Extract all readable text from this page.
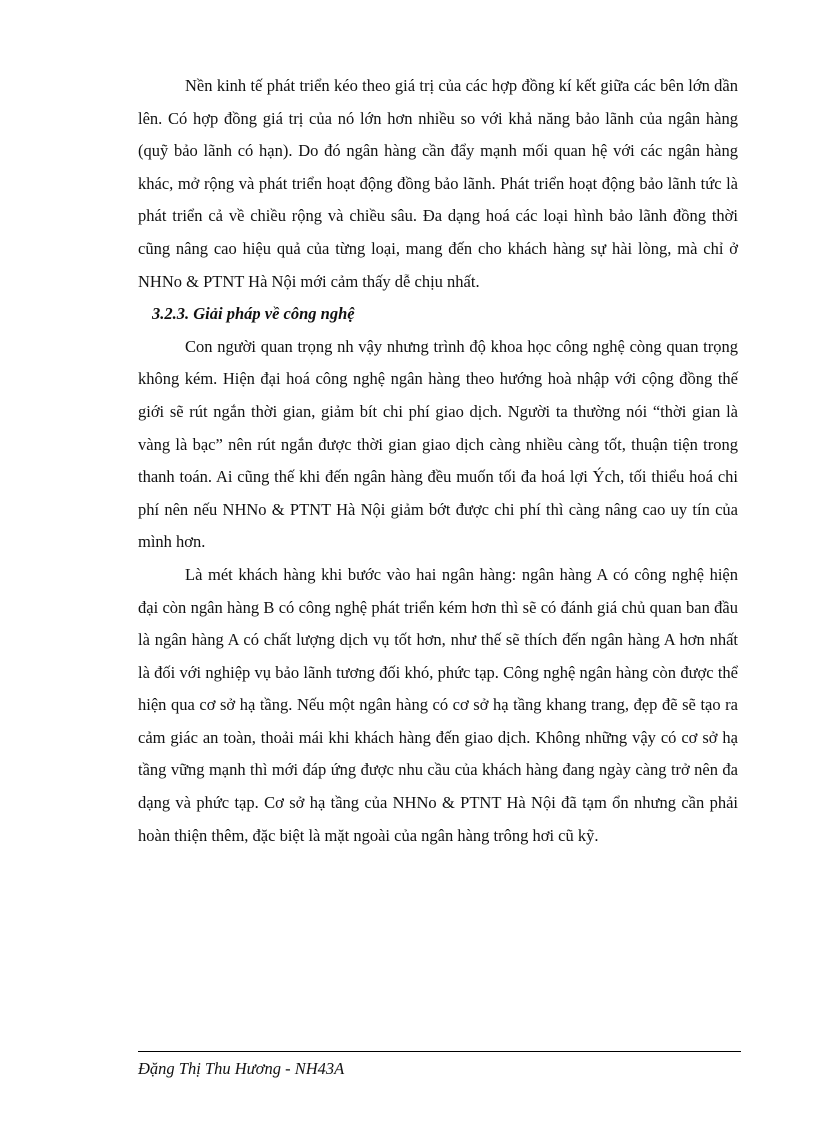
Nền kinh tế phát triển kéo theo giá trị của các hợp đồng kí kết giữa các bên lớn dần lên. Có hợp đồng giá trị của nó lớn hơn nhiều so với khả năng bảo lãnh của ngân hàng (quỹ bảo lãnh có hạn). Do đó ngân hàng cần đẩy mạnh mối quan hệ với các ngân hàng khác, mở rộng và phát triển hoạt động đồng bảo lãnh. Phát triển hoạt động bảo lãnh tức là phát triển cả về chiều rộng và chiều sâu. Đa dạng hoá các loại hình bảo lãnh đồng thời cũng nâng cao hiệu quả của từng loại, mang đến cho khách hàng sự hài lòng, mà chỉ ở NHNo & PTNT Hà Nội mới cảm thấy dễ chịu nhất.

3.2.3. Giải pháp về công nghệ

Con người quan trọng nh vậy nhưng trình độ khoa học công nghệ còng quan trọng không kém. Hiện đại hoá công nghệ ngân hàng theo hướng hoà nhập với cộng đồng thế giới sẽ rút ngắn thời gian, giảm bít chi phí giao dịch. Người ta thường nói “thời gian là vàng là bạc” nên rút ngắn được thời gian giao dịch càng nhiều càng tốt, thuận tiện trong thanh toán. Ai cũng thế khi đến ngân hàng đều muốn tối đa hoá lợi Ých, tối thiểu hoá chi phí nên nếu NHNo & PTNT Hà Nội giảm bớt được chi phí thì càng nâng cao uy tín của mình hơn.

Là mét khách hàng khi bước vào hai ngân hàng: ngân hàng A có công nghệ hiện đại còn ngân hàng B có công nghệ phát triển kém hơn thì sẽ có đánh giá chủ quan ban đầu là ngân hàng A có chất lượng dịch vụ tốt hơn, như thế sẽ thích đến ngân hàng A hơn nhất là đối với nghiệp vụ bảo lãnh tương đối khó, phức tạp. Công nghệ ngân hàng còn được thể hiện qua cơ sở hạ tầng. Nếu một ngân hàng có cơ sở hạ tầng khang trang, đẹp đẽ sẽ tạo ra cảm giác an toàn, thoải mái khi khách hàng đến giao dịch. Không những vậy có cơ sở hạ tầng vững mạnh thì mới đáp ứng được nhu cầu của khách hàng đang ngày càng trở nên đa dạng và phức tạp. Cơ sở hạ tầng của NHNo & PTNT Hà Nội đã tạm ổn nhưng cần phải hoàn thiện thêm, đặc biệt là mặt ngoài của ngân hàng trông hơi cũ kỹ.

Đặng Thị Thu Hương - NH43A
